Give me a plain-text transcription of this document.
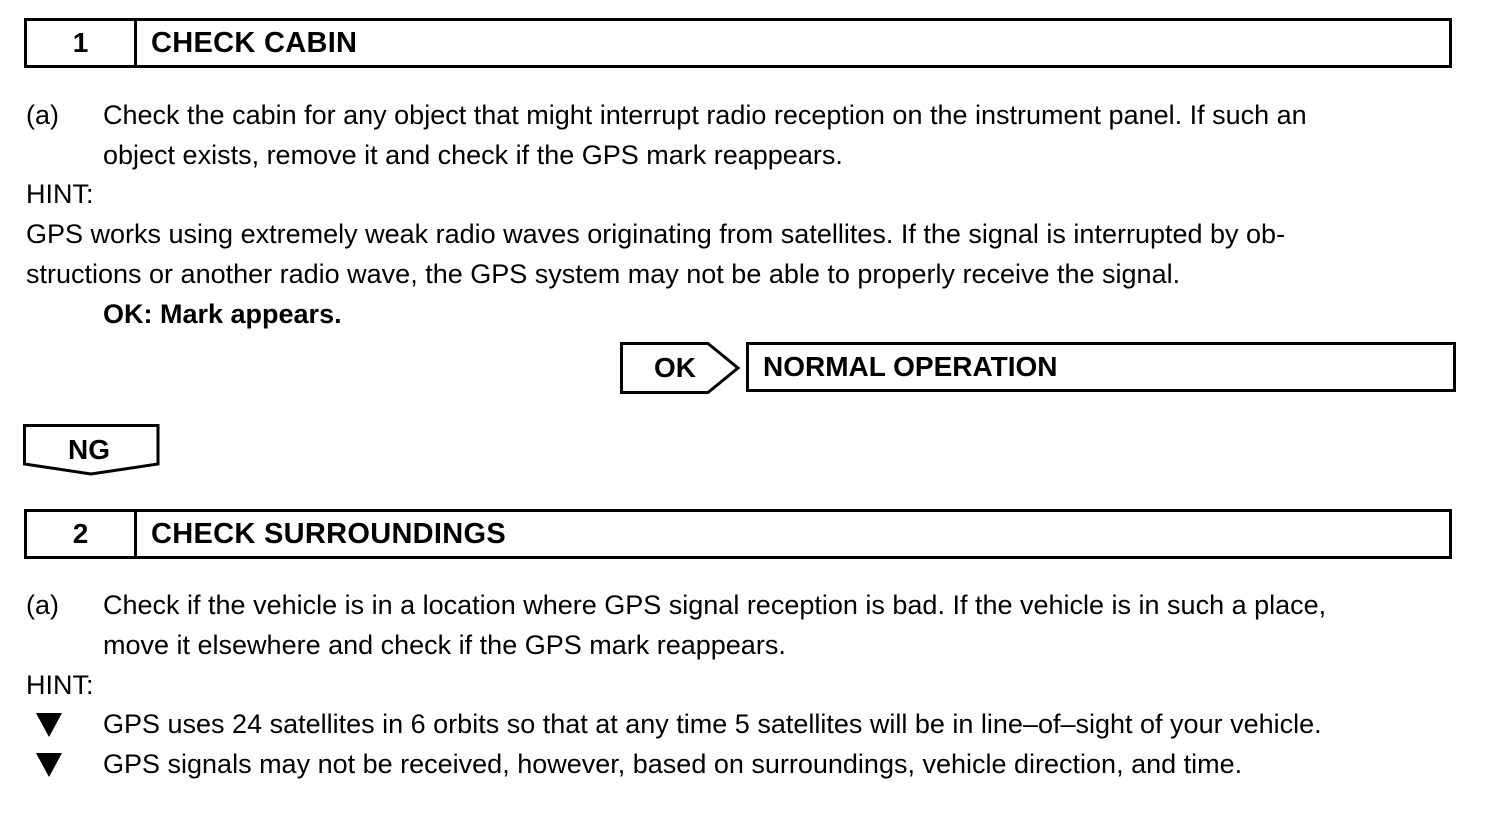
1	CHECK CABIN
(a) Check the cabin for any object that might interrupt radio reception on the instrument panel. If such an
object exists, remove it and check if the GPS mark reappears.
HINT:
GPS works using extremely weak radio waves originating from satellites. If the signal is interrupted by ob-
structions or another radio wave, the GPS system may not be able to properly receive the signal.
OK: Mark appears.
OK NORMAL OPERATION
NG
2	CHECK SURROUNDINGS
(a) Check if the vehicle is in a location where GPS signal reception is bad. If the vehicle is in such a place,
move it elsewhere and check if the GPS mark reappears.
HINT:
GPS uses 24 satellites in 6 orbits so that at any time 5 satellites will be in line–of–sight of your vehicle.
GPS signals may not be received, however, based on surroundings, vehicle direction, and time.
